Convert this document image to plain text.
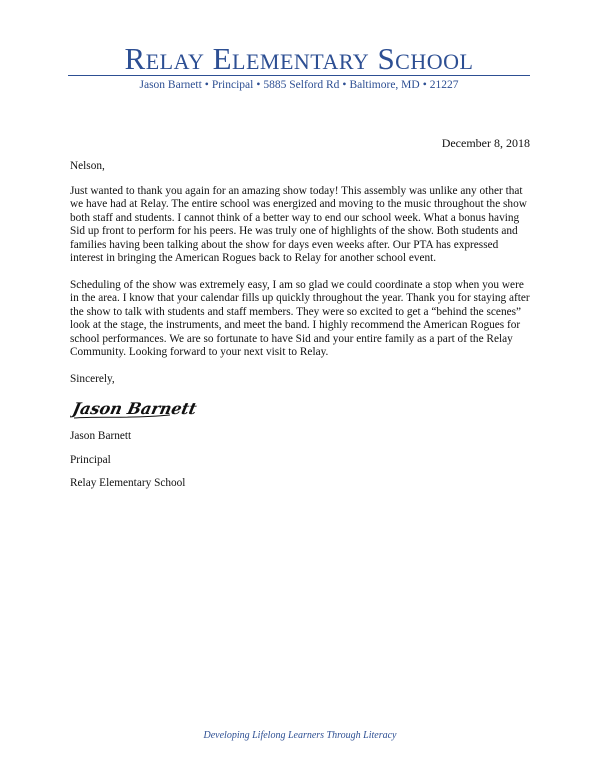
Relay Elementary School
Jason Barnett • Principal • 5885 Selford Rd • Baltimore, MD • 21227
December 8, 2018

Nelson,

Just wanted to thank you again for an amazing show today! This assembly was unlike any other that we have had at Relay. The entire school was energized and moving to the music throughout the show both staff and students. I cannot think of a better way to end our school week. What a bonus having Sid up front to perform for his peers. He was truly one of highlights of the show. Both students and families having been talking about the show for days even weeks after. Our PTA has expressed interest in bringing the American Rogues back to Relay for another school event.

Scheduling of the show was extremely easy, I am so glad we could coordinate a stop when you were in the area. I know that your calendar fills up quickly throughout the year. Thank you for staying after the show to talk with students and staff members. They were so excited to get a “behind the scenes” look at the stage, the instruments, and meet the band. I highly recommend the American Rogues for school performances. We are so fortunate to have Sid and your entire family as a part of the Relay Community. Looking forward to your next visit to Relay.

Sincerely,

Jason Barnett

Jason Barnett

Principal

Relay Elementary School

Developing Lifelong Learners Through Literacy
